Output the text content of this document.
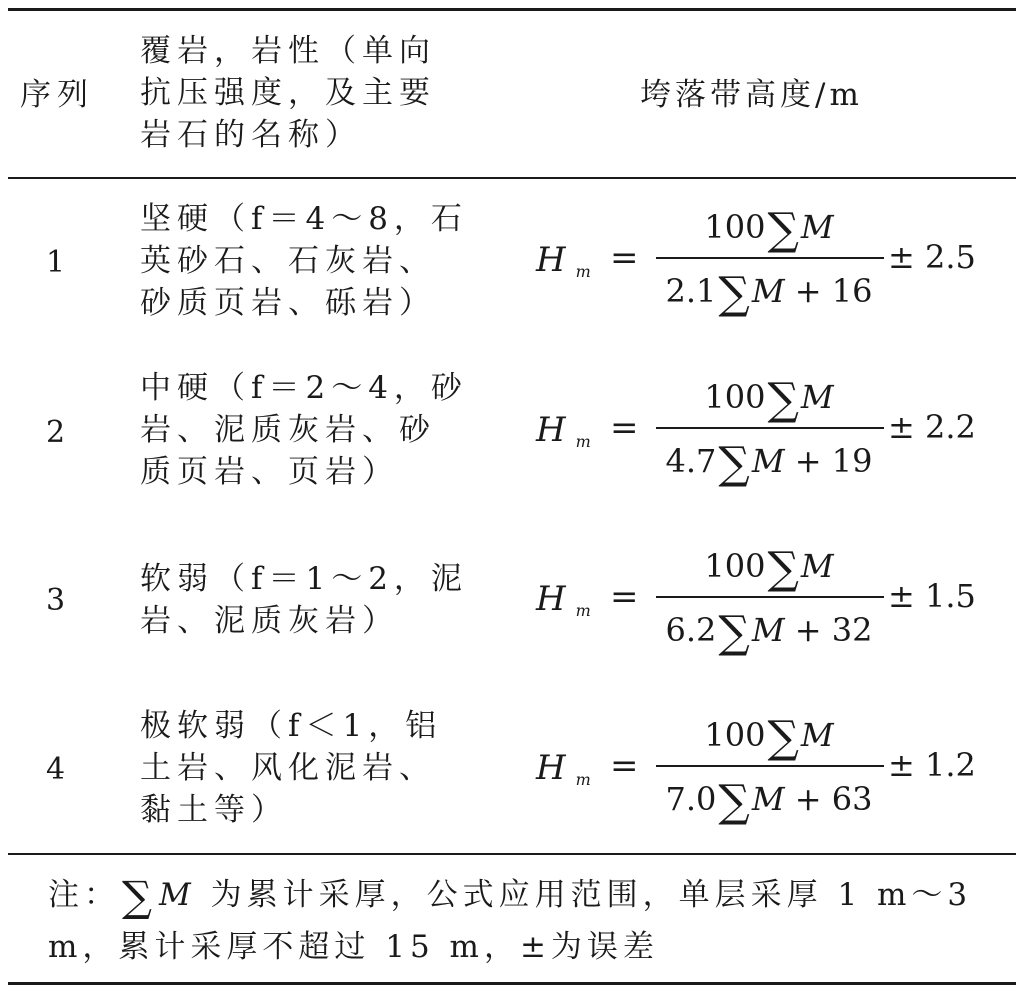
序列
覆岩，岩性（单向抗压强度，及主要岩石的名称）
垮落带高度/m
1
坚硬（f＝4～8，石英砂石、石灰岩、砂质页岩、砾岩）
H $_m$ =
100∑M
2.1∑M + 16
± 2.5
2
中硬（f＝2～4，砂岩、泥质灰岩、砂质页岩、页岩）
H $_m$ =
100∑M
4.7∑M + 19
± 2.2
3
软弱（f＝1～2，泥岩、泥质灰岩）
H $_m$ =
100∑M
6.2∑M + 32
± 1.5
4
极软弱（f＜1，铝土岩、风化泥岩、黏土等）
H $_m$ =
100∑M
7.0∑M + 63
± 1.2
注：∑M 为累计采厚，公式应用范围，单层采厚 1 m～3 m，累计采厚不超过 15 m，±为误差
